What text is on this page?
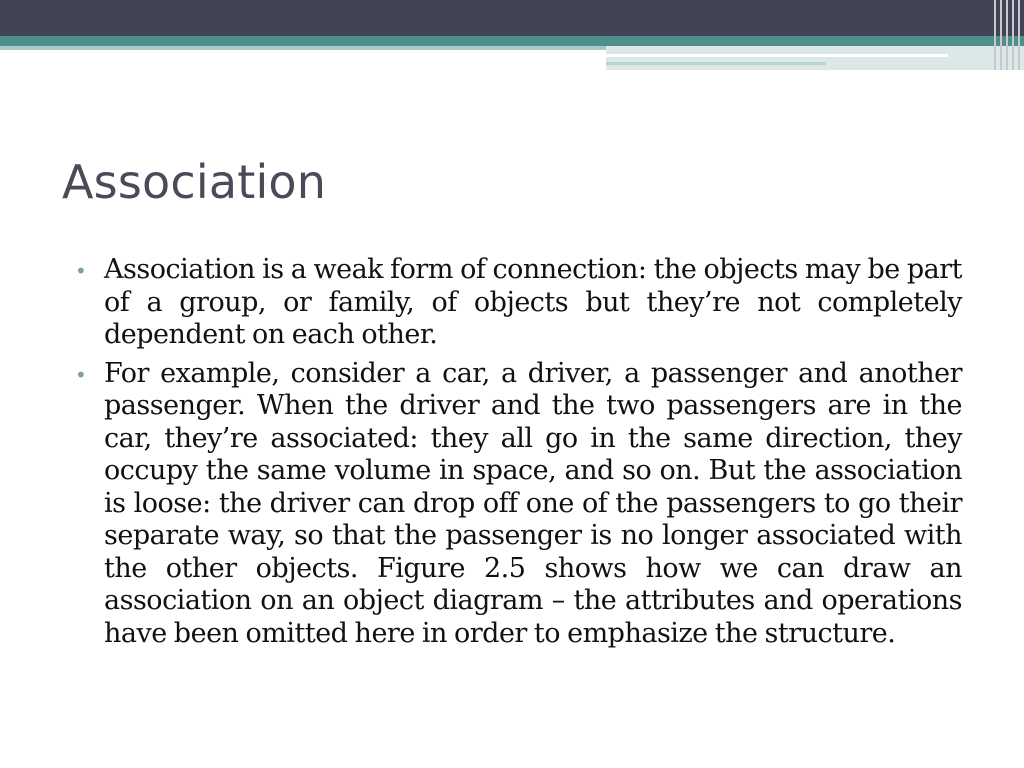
Association
• Association is a weak form of connection: the objects may be part of a group, or family, of objects but they’re not completely dependent on each other.
• For example, consider a car, a driver, a passenger and another passenger. When the driver and the two passengers are in the car, they’re associated: they all go in the same direction, they occupy the same volume in space, and so on. But the association is loose: the driver can drop off one of the passengers to go their separate way, so that the passenger is no longer associated with the other objects. Figure 2.5 shows how we can draw an association on an object diagram – the attributes and operations have been omitted here in order to emphasize the structure.
